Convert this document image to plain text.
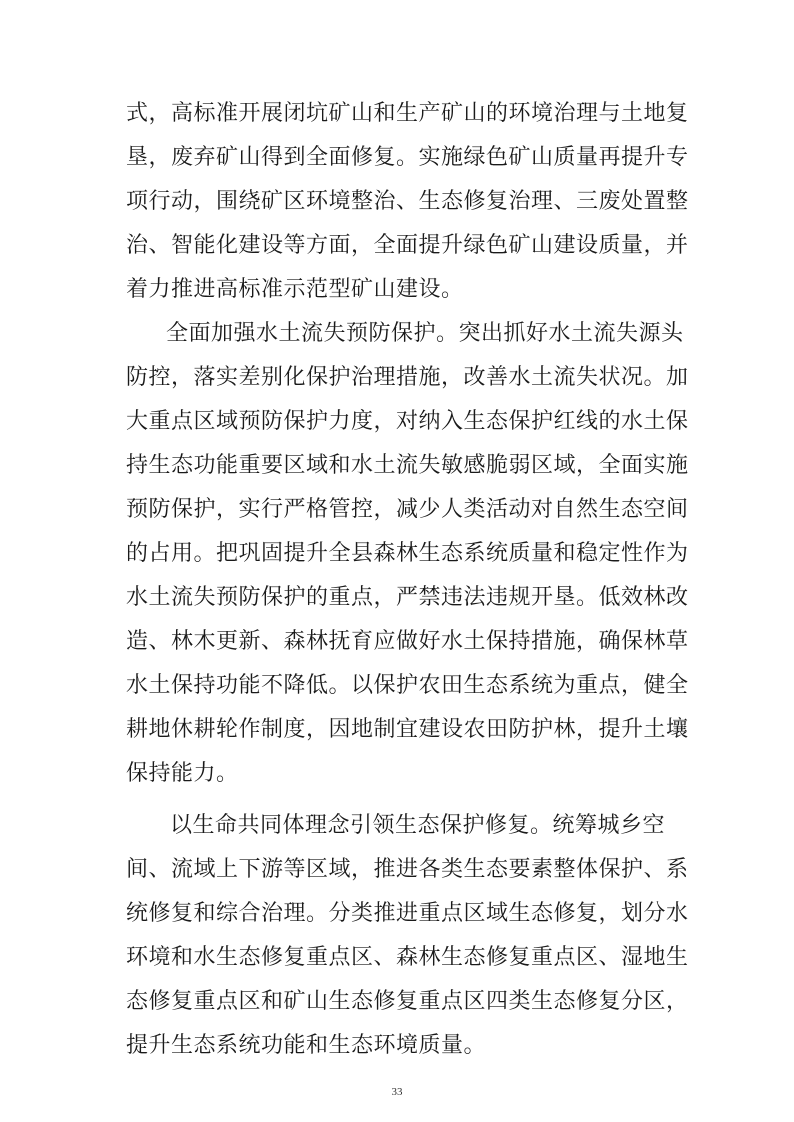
式，高标准开展闭坑矿山和生产矿山的环境治理与土地复
垦，废弃矿山得到全面修复。实施绿色矿山质量再提升专
项行动，围绕矿区环境整治、生态修复治理、三废处置整
治、智能化建设等方面，全面提升绿色矿山建设质量，并
着力推进高标准示范型矿山建设。
全面加强水土流失预防保护。突出抓好水土流失源头
防控，落实差别化保护治理措施，改善水土流失状况。加
大重点区域预防保护力度，对纳入生态保护红线的水土保
持生态功能重要区域和水土流失敏感脆弱区域，全面实施
预防保护，实行严格管控，减少人类活动对自然生态空间
的占用。把巩固提升全县森林生态系统质量和稳定性作为
水土流失预防保护的重点，严禁违法违规开垦。低效林改
造、林木更新、森林抚育应做好水土保持措施，确保林草
水土保持功能不降低。以保护农田生态系统为重点，健全
耕地休耕轮作制度，因地制宜建设农田防护林，提升土壤
保持能力。
以生命共同体理念引领生态保护修复。统筹城乡空
间、流域上下游等区域，推进各类生态要素整体保护、系
统修复和综合治理。分类推进重点区域生态修复，划分水
环境和水生态修复重点区、森林生态修复重点区、湿地生
态修复重点区和矿山生态修复重点区四类生态修复分区，
提升生态系统功能和生态环境质量。
33
